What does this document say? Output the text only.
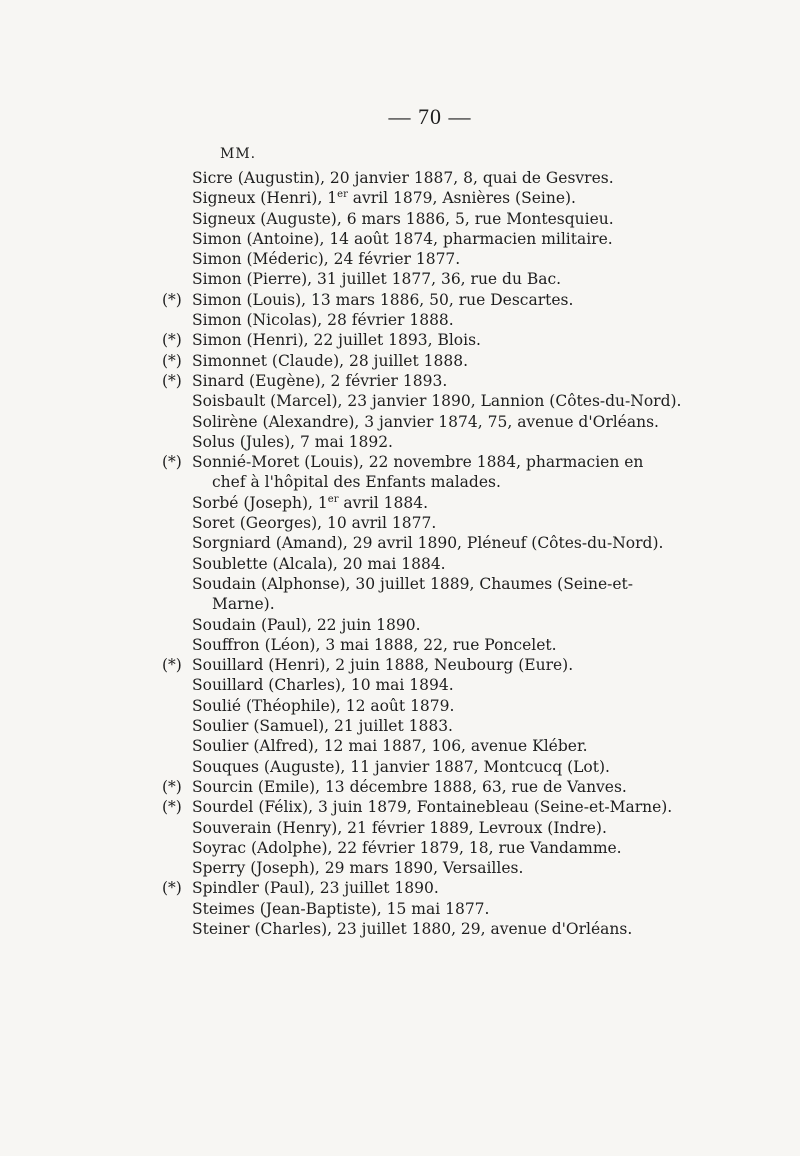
— 70 —
MM.
Sicre (Augustin), 20 janvier 1887, 8, quai de Gesvres.
Signeux (Henri), 1er avril 1879, Asnières (Seine).
Signeux (Auguste), 6 mars 1886, 5, rue Montesquieu.
Simon (Antoine), 14 août 1874, pharmacien militaire.
Simon (Méderic), 24 février 1877.
Simon (Pierre), 31 juillet 1877, 36, rue du Bac.
(*) Simon (Louis), 13 mars 1886, 50, rue Descartes.
Simon (Nicolas), 28 février 1888.
(*) Simon (Henri), 22 juillet 1893, Blois.
(*) Simonnet (Claude), 28 juillet 1888.
(*) Sinard (Eugène), 2 février 1893.
Soisbault (Marcel), 23 janvier 1890, Lannion (Côtes-du-Nord).
Solirène (Alexandre), 3 janvier 1874, 75, avenue d'Orléans.
Solus (Jules), 7 mai 1892.
(*) Sonnié-Moret (Louis), 22 novembre 1884, pharmacien en
chef à l'hôpital des Enfants malades.
Sorbé (Joseph), 1er avril 1884.
Soret (Georges), 10 avril 1877.
Sorgniard (Amand), 29 avril 1890, Pléneuf (Côtes-du-Nord).
Soublette (Alcala), 20 mai 1884.
Soudain (Alphonse), 30 juillet 1889, Chaumes (Seine-et-
Marne).
Soudain (Paul), 22 juin 1890.
Souffron (Léon), 3 mai 1888, 22, rue Poncelet.
(*) Souillard (Henri), 2 juin 1888, Neubourg (Eure).
Souillard (Charles), 10 mai 1894.
Soulié (Théophile), 12 août 1879.
Soulier (Samuel), 21 juillet 1883.
Soulier (Alfred), 12 mai 1887, 106, avenue Kléber.
Souques (Auguste), 11 janvier 1887, Montcucq (Lot).
(*) Sourcin (Emile), 13 décembre 1888, 63, rue de Vanves.
(*) Sourdel (Félix), 3 juin 1879, Fontainebleau (Seine-et-Marne).
Souverain (Henry), 21 février 1889, Levroux (Indre).
Soyrac (Adolphe), 22 février 1879, 18, rue Vandamme.
Sperry (Joseph), 29 mars 1890, Versailles.
(*) Spindler (Paul), 23 juillet 1890.
Steimes (Jean-Baptiste), 15 mai 1877.
Steiner (Charles), 23 juillet 1880, 29, avenue d'Orléans.
